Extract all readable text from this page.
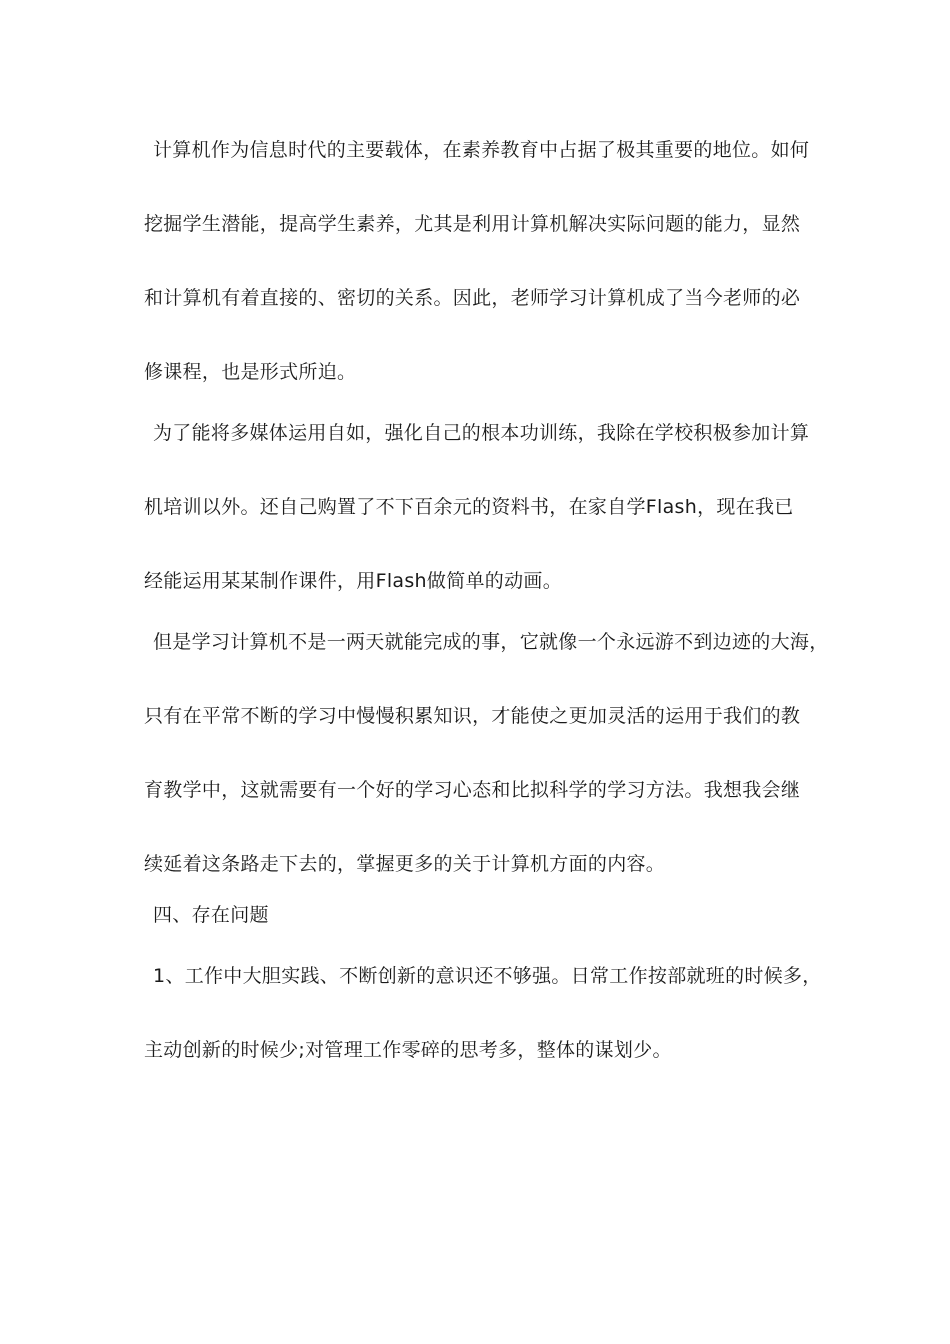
计算机作为信息时代的主要载体，在素养教育中占据了极其重要的地位。如何
挖掘学生潜能，提高学生素养，尤其是利用计算机解决实际问题的能力，显然
和计算机有着直接的、密切的关系。因此，老师学习计算机成了当今老师的必
修课程，也是形式所迫。
为了能将多媒体运用自如，强化自己的根本功训练，我除在学校积极参加计算
机培训以外。还自己购置了不下百余元的资料书，在家自学Flash，现在我已
经能运用某某制作课件，用Flash做简单的动画。
但是学习计算机不是一两天就能完成的事，它就像一个永远游不到边迹的大海，
只有在平常不断的学习中慢慢积累知识，才能使之更加灵活的运用于我们的教
育教学中，这就需要有一个好的学习心态和比拟科学的学习方法。我想我会继
续延着这条路走下去的，掌握更多的关于计算机方面的内容。
四、存在问题
1、工作中大胆实践、不断创新的意识还不够强。日常工作按部就班的时候多，
主动创新的时候少;对管理工作零碎的思考多，整体的谋划少。
